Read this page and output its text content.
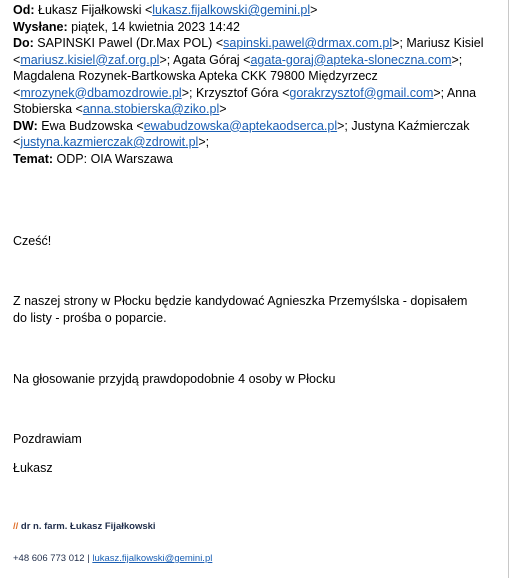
Od: Łukasz Fijałkowski <lukasz.fijalkowski@gemini.pl>
Wysłane: piątek, 14 kwietnia 2023 14:42
Do: SAPINSKI Pawel (Dr.Max POL) <sapinski.pawel@drmax.com.pl>; Mariusz Kisiel <mariusz.kisiel@zaf.org.pl>; Agata Góraj <agata-goraj@apteka-sloneczna.com>; Magdalena Rozynek-Bartkowska Apteka CKK 79800 Międzyrzecz <mrozynek@dbamozdrowie.pl>; Krzysztof Góra <gorakrzysztof@gmail.com>; Anna Stobierska <anna.stobierska@ziko.pl>
DW: Ewa Budzowska <ewabudzowska@aptekaodserca.pl>; Justyna Kaźmierczak <justyna.kazmierczak@zdrowit.pl>;
Temat: ODP: OIA Warszawa
Cześć!
Z naszej strony w Płocku będzie kandydować Agnieszka Przemyślska - dopisałem do listy - prośba o poparcie.
Na głosowanie przyjdą prawdopodobnie 4 osoby w Płocku
Pozdrawiam
Łukasz
// dr n. farm. Łukasz Fijałkowski
+48 606 773 012 | lukasz.fijalkowski@gemini.pl
